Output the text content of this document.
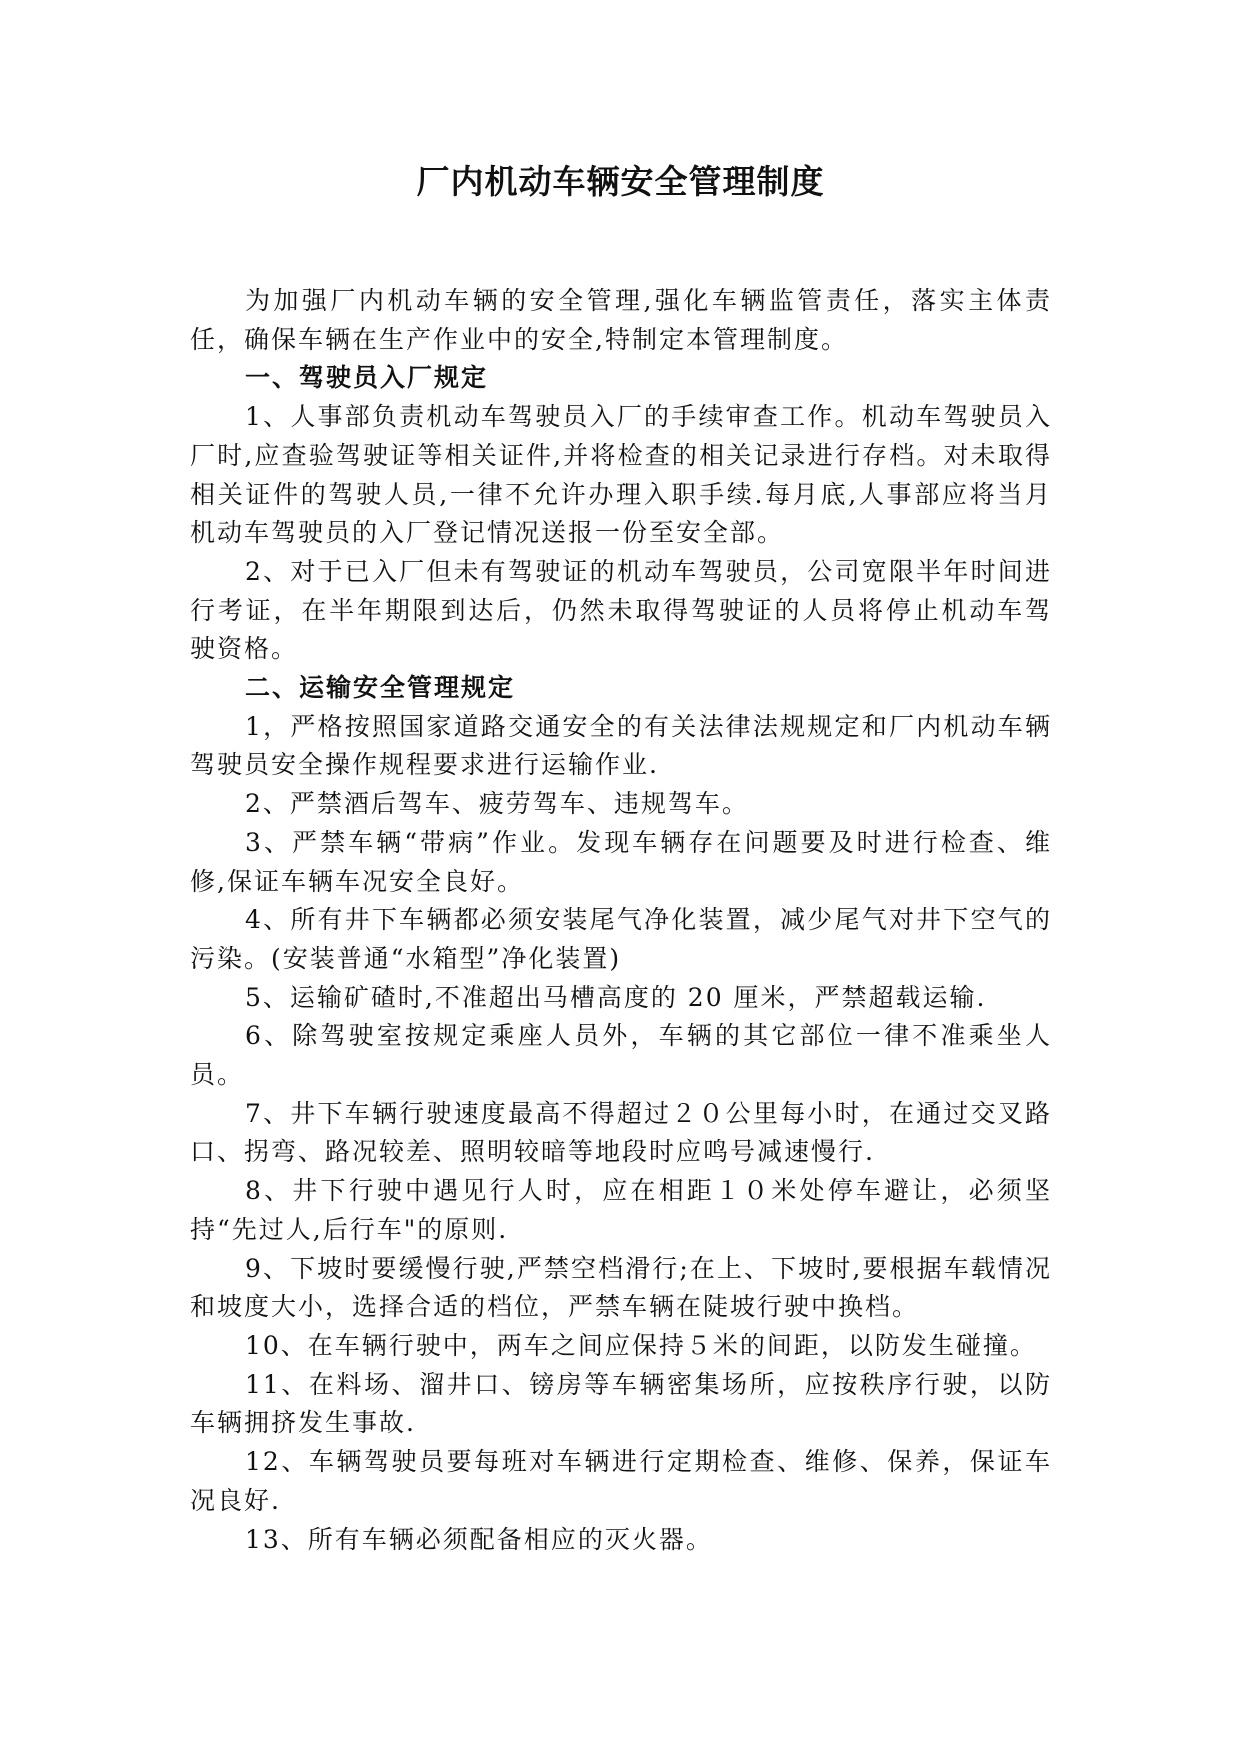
厂内机动车辆安全管理制度

为加强厂内机动车辆的安全管理,强化车辆监管责任，落实主体责任，确保车辆在生产作业中的安全,特制定本管理制度。

一、驾驶员入厂规定

1、人事部负责机动车驾驶员入厂的手续审查工作。机动车驾驶员入厂时,应查验驾驶证等相关证件,并将检查的相关记录进行存档。对未取得相关证件的驾驶人员,一律不允许办理入职手续.每月底,人事部应将当月机动车驾驶员的入厂登记情况送报一份至安全部。

2、对于已入厂但未有驾驶证的机动车驾驶员，公司宽限半年时间进行考证，在半年期限到达后，仍然未取得驾驶证的人员将停止机动车驾驶资格。

二、运输安全管理规定

1，严格按照国家道路交通安全的有关法律法规规定和厂内机动车辆驾驶员安全操作规程要求进行运输作业.

2、严禁酒后驾车、疲劳驾车、违规驾车。

3、严禁车辆“带病”作业。发现车辆存在问题要及时进行检查、维修,保证车辆车况安全良好。

4、所有井下车辆都必须安装尾气净化装置，减少尾气对井下空气的污染。(安装普通“水箱型”净化装置)

5、运输矿碴时,不准超出马槽高度的 20 厘米，严禁超载运输.

6、除驾驶室按规定乘座人员外，车辆的其它部位一律不准乘坐人员。

7、井下车辆行驶速度最高不得超过２０公里每小时，在通过交叉路口、拐弯、路况较差、照明较暗等地段时应鸣号减速慢行.

8、井下行驶中遇见行人时，应在相距１０米处停车避让，必须坚持“先过人,后行车"的原则.

9、下坡时要缓慢行驶,严禁空档滑行;在上、下坡时,要根据车载情况和坡度大小，选择合适的档位，严禁车辆在陡坡行驶中换档。

10、在车辆行驶中，两车之间应保持５米的间距，以防发生碰撞。

11、在料场、溜井口、镑房等车辆密集场所，应按秩序行驶，以防车辆拥挤发生事故.

12、车辆驾驶员要每班对车辆进行定期检查、维修、保养，保证车况良好.

13、所有车辆必须配备相应的灭火器。
